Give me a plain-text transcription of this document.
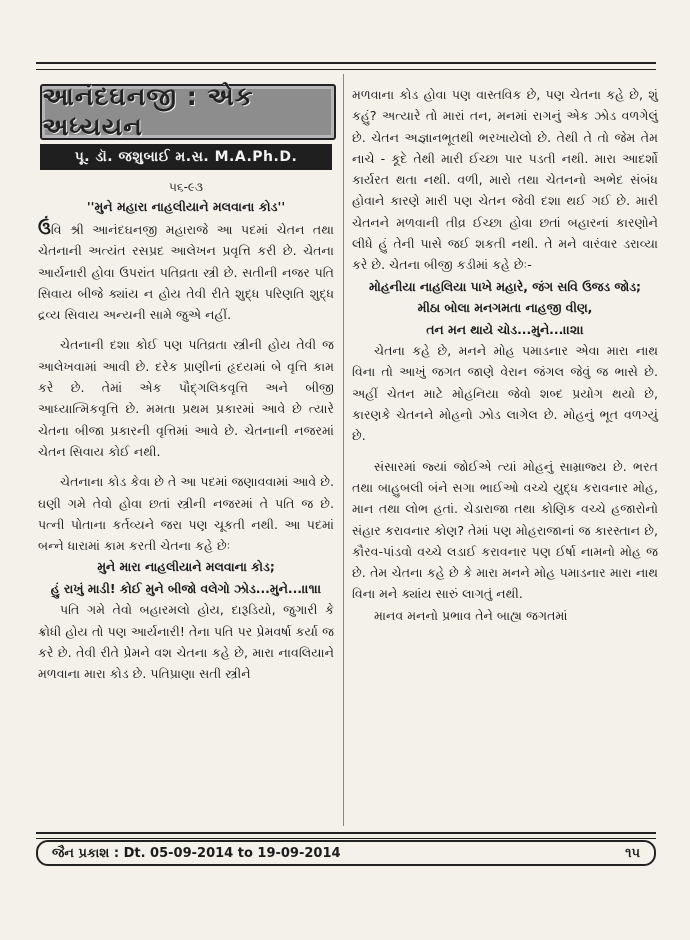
આનંદઘનજી : એક અધ્યયન
પૂ. ડૉ. જશુબાઈ મ.સ. M.A.Ph.D.
૫૬-૯૩
''મુને મહારા નાહલીયાને મલવાના કોડ''

ઉંવિ શ્રી આનંદઘનજી મહારાજે આ પદમાં ચેતન તથા ચેતનાની અત્યંત રસપ્રદ આલેખન પ્રવૃત્તિ કરી છે. ચેતના આર્યનારી હોવા ઉપરાંત પતિવ્રતા સ્ત્રી છે. સતીની નજર પતિ સિવાય બીજે ક્યાંય ન હોય તેવી રીતે શુદ્ધ પરિણતિ શુદ્ધ દ્રવ્ય સિવાય અન્યની સામે જુએ નહીં.

ચેતનાની દશા કોઈ પણ પતિવ્રતા સ્ત્રીની હોય તેવી જ આલેખવામાં આવી છે. દરેક પ્રાણીનાં હૃદયમાં બે વૃત્તિ કામ કરે છે. તેમાં એક પૌદ્‌ગલિકવૃત્તિ અને બીજી આધ્યાત્મિકવૃત્તિ છે. મમતા પ્રથમ પ્રકારમાં આવે છે ત્યારે ચેતના બીજા પ્રકારની વૃત્તિમાં આવે છે. ચેતનાની નજરમાં ચેતન સિવાય કોઈ નથી.

ચેતનાના કોડ કેવા છે તે આ પદમાં જણાવવામાં આવે છે. ઘણી ગમે તેવો હોવા છતાં સ્ત્રીની નજરમાં તે પતિ જ છે. પત્ની પોતાના કર્તવ્યને જરા પણ ચૂકતી નથી. આ પદમાં બન્ને ધારામાં કામ કરતી ચેતના કહે છેઃ

મુને મારા નાહલીયાને મલવાના કોડ;

હું રાખું માડી! કોઈ મુને બીજો વલેગો ઝોડ...મુને...।।૧।।

પતિ ગમે તેવો બહારમલો હોય, દારૂડિયો, જુગારી કે ક્રોધી હોય તો પણ આર્યનારી! તેના પતિ પર પ્રેમવર્ષા કર્યા જ કરે છે. તેવી રીતે પ્રેમને વશ ચેતના કહે છે, મારા નાવલિયાને મળવાના મારા કોડ છે. પતિપ્રાણા સતી સ્ત્રીને

મળવાના કોડ હોવા પણ વાસ્તવિક છે, પણ ચેતના કહે છે, શું કહું? અત્યારે તો મારાં તન, મનમાં રાગનું એક ઝોડ વળગેલું છે. ચેતન અજ્ઞાનભૂતથી ભરખાયેલો છે. તેથી તે તો જેમ તેમ નાચે - કૂદે તેથી મારી ઈચ્છા પાર પડતી નથી. મારા આદર્શો કાર્યરત થતા નથી. વળી, મારો તથા ચેતનનો અભેદ સંબંધ હોવાને કારણે મારી પણ ચેતન જેવી દશા થઈ ગઈ છે. મારી ચેતનને મળવાની તીવ્ર ઈચ્છા હોવા છતાં બહારનાં કારણોને લીધે હું તેની પાસે જઈ શકતી નથી. તે મને વારંવાર ડરાવ્યા કરે છે. ચેતના બીજી કડીમાં કહે છેઃ-

મોહનીયા નાહલિયા પાખે મહારે, જંગ સવિ ઉજડ જોડ;

મીઠા બોલા મનગમતા નાહજી વીણ,

તન મન થાયે ચોડ...મુને...।।૨।।

ચેતના કહે છે, મનને મોહ પમાડનાર એવા મારા નાથ વિના તો આખું જગત જાણે વેરાન જંગલ જેવું જ ભાસે છે. અહીં ચેતન માટે મોહનિયા જેવો શબ્દ પ્રયોગ થયો છે, કારણકે ચેતનને મોહનો ઝોડ લાગેલ છે. મોહનું ભૂત વળગ્યું છે.

સંસારમાં જ્યાં જોઈએ ત્યાં મોહનું સામ્રાજ્ય છે. ભરત તથા બાહુબલી બંને સગા ભાઈઓ વચ્ચે યુદ્ધ કરાવનાર મોહ, માન તથા લોભ હતાં. ચેડારાજા તથા કોણિક વચ્ચે હજારોનો સંહાર કરાવનાર કોણ? તેમાં પણ મોહરાજાનાં જ કારસ્તાન છે, કૌરવ-પાંડવો વચ્ચે લડાઈ કરાવનાર પણ ઈર્ષા નામનો મોહ જ છે. તેમ ચેતના કહે છે કે મારા મનને મોહ પમાડનાર મારા નાથ વિના મને ક્યાંય સારું લાગતું નથી.

માનવ મનનો પ્રભાવ તેને બાહ્ય જગતમાં

જૈન પ્રકાશ : Dt. 05-09-2014 to 19-09-2014	૧૫
